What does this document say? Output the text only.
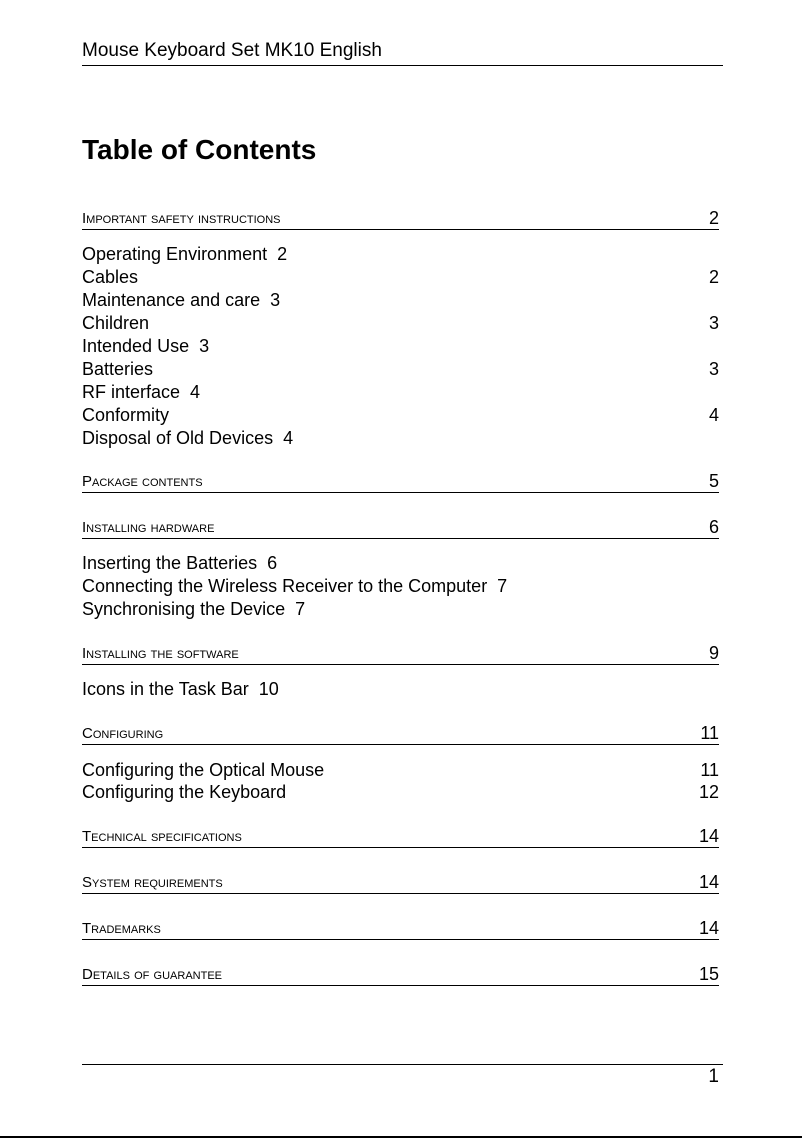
Mouse Keyboard Set MK10 English
Table of Contents
Important safety instructions	2
Operating Environment  2
Cables	2
Maintenance and care  3
Children	3
Intended Use  3
Batteries	3
RF interface  4
Conformity	4
Disposal of Old Devices  4
Package contents	5
Installing hardware	6
Inserting the Batteries  6
Connecting the Wireless Receiver to the Computer  7
Synchronising the Device  7
Installing the software	9
Icons in the Task Bar  10
Configuring	11
Configuring the Optical Mouse	11
Configuring the Keyboard	12
Technical specifications	14
System requirements	14
Trademarks	14
Details of guarantee	15
1
